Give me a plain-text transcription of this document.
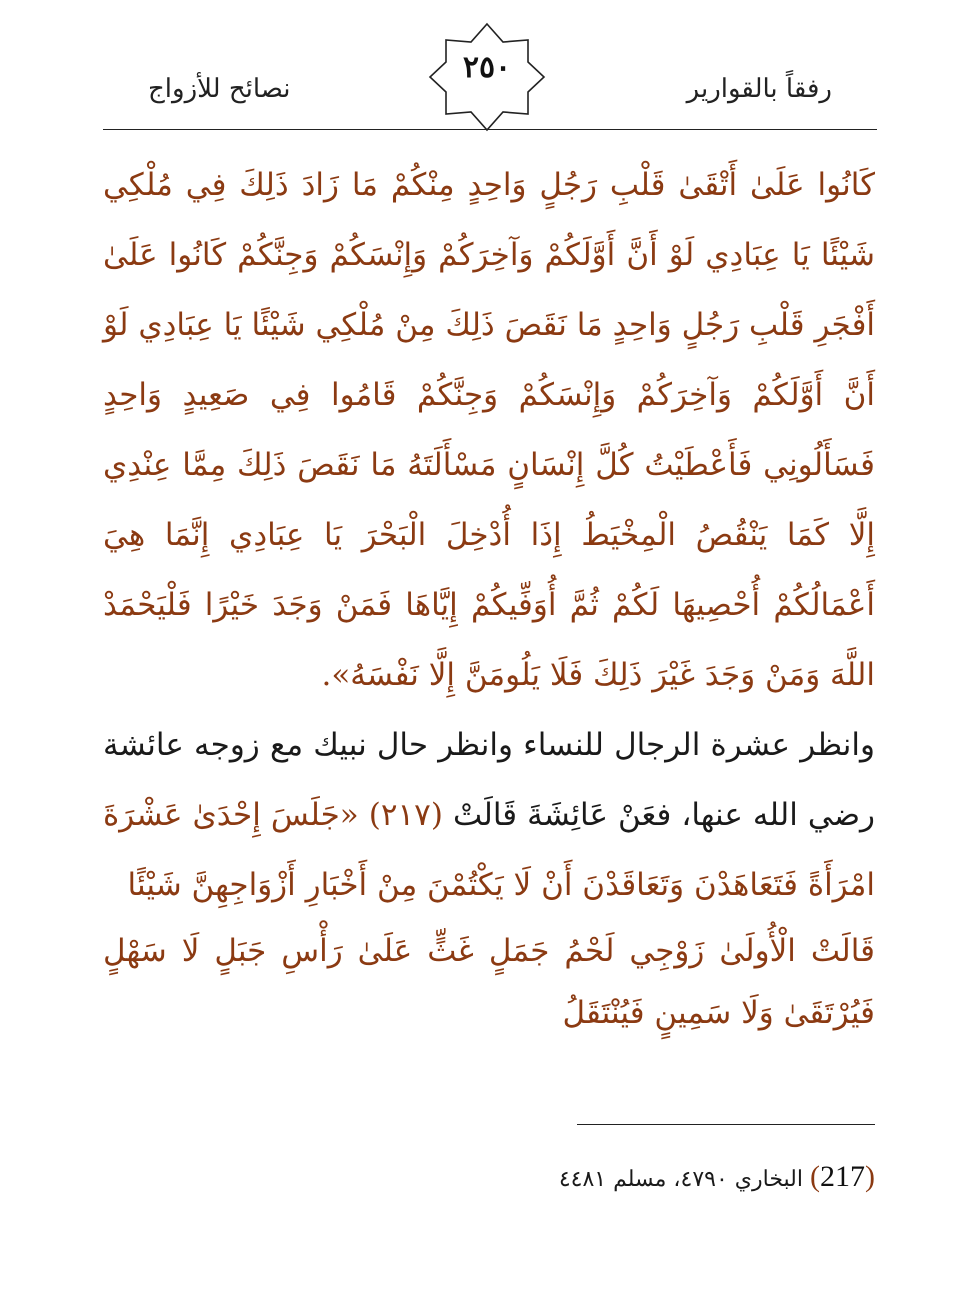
رفقاً بالقوارير
٢٥٠
نصائح للأزواج

كَانُوا عَلَىٰ أَتْقَىٰ قَلْبِ رَجُلٍ وَاحِدٍ مِنْكُمْ مَا زَادَ ذَلِكَ فِي مُلْكِي شَيْئًا يَا عِبَادِي لَوْ أَنَّ أَوَّلَكُمْ وَآخِرَكُمْ وَإِنْسَكُمْ وَجِنَّكُمْ كَانُوا عَلَىٰ أَفْجَرِ قَلْبِ رَجُلٍ وَاحِدٍ مَا نَقَصَ ذَلِكَ مِنْ مُلْكِي شَيْئًا يَا عِبَادِي لَوْ أَنَّ أَوَّلَكُمْ وَآخِرَكُمْ وَإِنْسَكُمْ وَجِنَّكُمْ قَامُوا فِي صَعِيدٍ وَاحِدٍ فَسَأَلُونِي فَأَعْطَيْتُ كُلَّ إِنْسَانٍ مَسْأَلَتَهُ مَا نَقَصَ ذَلِكَ مِمَّا عِنْدِي إِلَّا كَمَا يَنْقُصُ الْمِخْيَطُ إِذَا أُدْخِلَ الْبَحْرَ يَا عِبَادِي إِنَّمَا هِيَ أَعْمَالُكُمْ أُحْصِيهَا لَكُمْ ثُمَّ أُوَفِّيكُمْ إِيَّاهَا فَمَنْ وَجَدَ خَيْرًا فَلْيَحْمَدْ اللَّهَ وَمَنْ وَجَدَ غَيْرَ ذَلِكَ فَلَا يَلُومَنَّ إِلَّا نَفْسَهُ».

وانظر عشرة الرجال للنساء وانظر حال نبيك مع زوجه عائشة رضي الله عنها، فعَنْ عَائِشَةَ قَالَتْ (٢١٧) «جَلَسَ إِحْدَىٰ عَشْرَةَ امْرَأَةً فَتَعَاهَدْنَ وَتَعَاقَدْنَ أَنْ لَا يَكْتُمْنَ مِنْ أَخْبَارِ أَزْوَاجِهِنَّ شَيْئًا

قَالَتْ الْأُولَىٰ زَوْجِي لَحْمُ جَمَلٍ غَثٍّ عَلَىٰ رَأْسِ جَبَلٍ لَا سَهْلٍ فَيُرْتَقَىٰ وَلَا سَمِينٍ فَيُنْتَقَلُ

(217) البخاري ٤٧٩٠، مسلم ٤٤٨١
